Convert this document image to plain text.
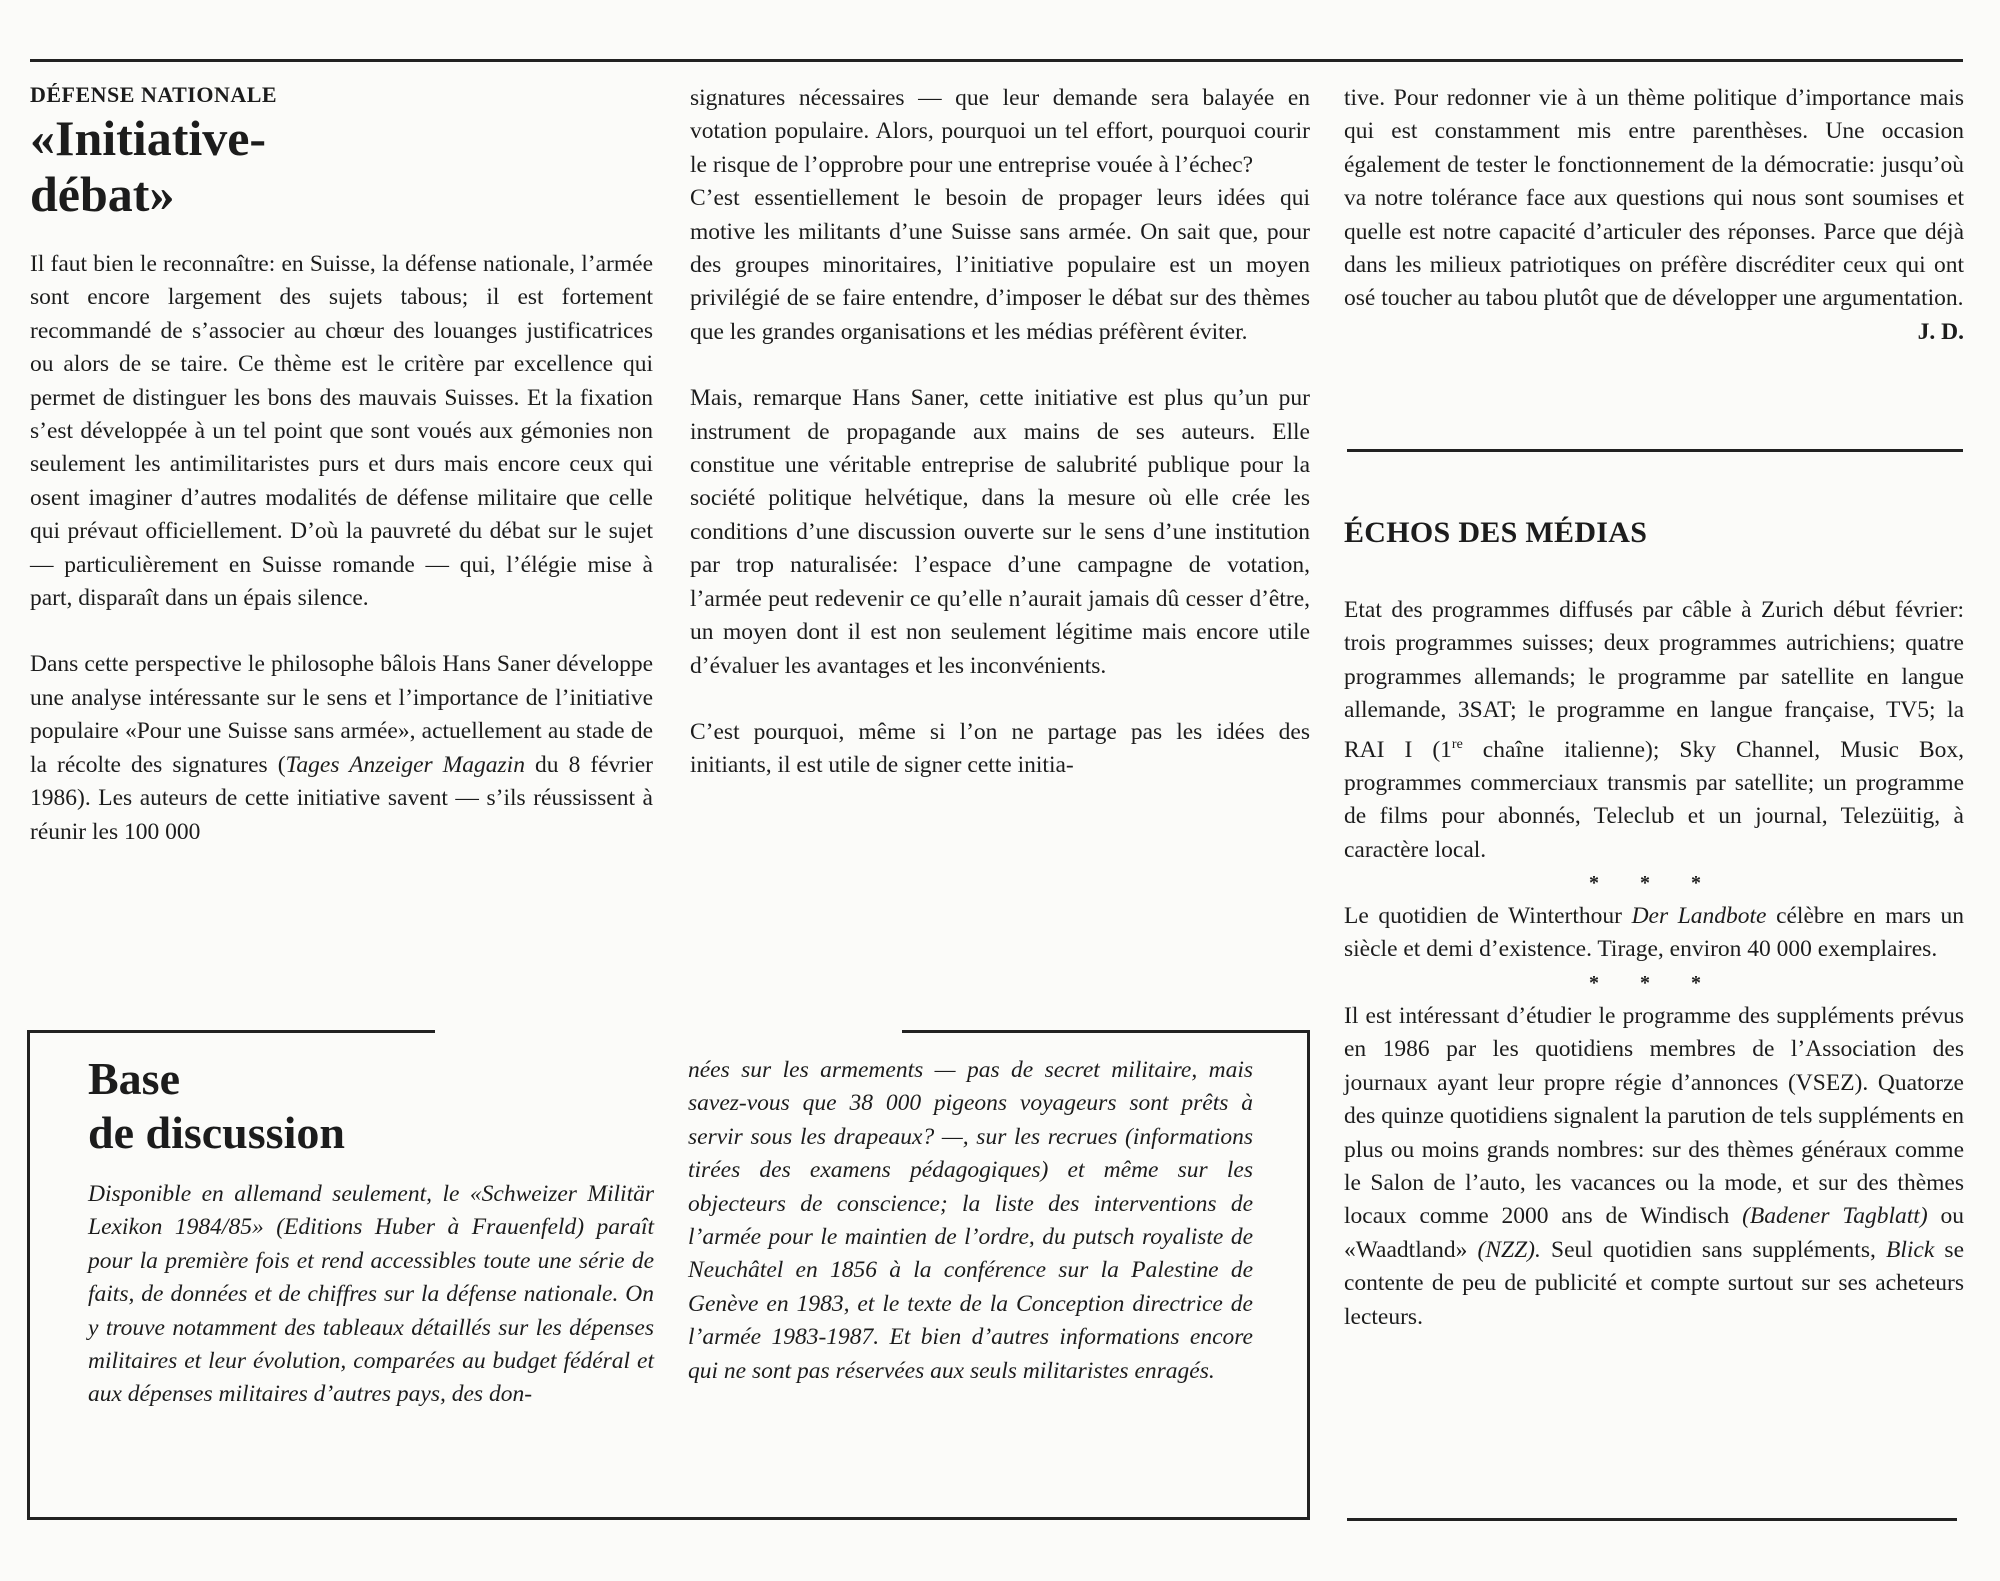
DÉFENSE NATIONALE
«Initiative-
débat»

Il faut bien le reconnaître: en Suisse, la défense nationale, l’armée sont encore largement des sujets tabous; il est fortement recommandé de s’associer au chœur des louanges justificatrices ou alors de se taire. Ce thème est le critère par excellence qui permet de distinguer les bons des mauvais Suisses. Et la fixation s’est développée à un tel point que sont voués aux gémonies non seulement les antimilitaristes purs et durs mais encore ceux qui osent imaginer d’autres modalités de défense militaire que celle qui prévaut officiellement. D’où la pauvreté du débat sur le sujet — particulièrement en Suisse romande — qui, l’élégie mise à part, disparaît dans un épais silence.

Dans cette perspective le philosophe bâlois Hans Saner développe une analyse intéressante sur le sens et l’importance de l’initiative populaire «Pour une Suisse sans armée», actuellement au stade de la récolte des signatures (Tages Anzeiger Magazin du 8 février 1986). Les auteurs de cette initiative savent — s’ils réussissent à réunir les 100 000

signatures nécessaires — que leur demande sera balayée en votation populaire. Alors, pourquoi un tel effort, pourquoi courir le risque de l’opprobre pour une entreprise vouée à l’échec?

C’est essentiellement le besoin de propager leurs idées qui motive les militants d’une Suisse sans armée. On sait que, pour des groupes minoritaires, l’initiative populaire est un moyen privilégié de se faire entendre, d’imposer le débat sur des thèmes que les grandes organisations et les médias préfèrent éviter.

Mais, remarque Hans Saner, cette initiative est plus qu’un pur instrument de propagande aux mains de ses auteurs. Elle constitue une véritable entreprise de salubrité publique pour la société politique helvétique, dans la mesure où elle crée les conditions d’une discussion ouverte sur le sens d’une institution par trop naturalisée: l’espace d’une campagne de votation, l’armée peut redevenir ce qu’elle n’aurait jamais dû cesser d’être, un moyen dont il est non seulement légitime mais encore utile d’évaluer les avantages et les inconvénients.

C’est pourquoi, même si l’on ne partage pas les idées des initiants, il est utile de signer cette initia-

tive. Pour redonner vie à un thème politique d’importance mais qui est constamment mis entre parenthèses. Une occasion également de tester le fonctionnement de la démocratie: jusqu’où va notre tolérance face aux questions qui nous sont soumises et quelle est notre capacité d’articuler des réponses. Parce que déjà dans les milieux patriotiques on préfère discréditer ceux qui ont osé toucher au tabou plutôt que de développer une argumentation.
J. D.

ÉCHOS DES MÉDIAS

Etat des programmes diffusés par câble à Zurich début février: trois programmes suisses; deux programmes autrichiens; quatre programmes allemands; le programme par satellite en langue allemande, 3SAT; le programme en langue française, TV5; la RAI I (1re chaîne italienne); Sky Channel, Music Box, programmes commerciaux transmis par satellite; un programme de films pour abonnés, Teleclub et un journal, Telezüitig, à caractère local.

* * *

Le quotidien de Winterthour Der Landbote célèbre en mars un siècle et demi d’existence. Tirage, environ 40 000 exemplaires.

* * *

Il est intéressant d’étudier le programme des suppléments prévus en 1986 par les quotidiens membres de l’Association des journaux ayant leur propre régie d’annonces (VSEZ). Quatorze des quinze quotidiens signalent la parution de tels suppléments en plus ou moins grands nombres: sur des thèmes généraux comme le Salon de l’auto, les vacances ou la mode, et sur des thèmes locaux comme 2000 ans de Windisch (Badener Tagblatt) ou «Waadtland» (NZZ). Seul quotidien sans suppléments, Blick se contente de peu de publicité et compte surtout sur ses acheteurs lecteurs.

Base
de discussion
Disponible en allemand seulement, le «Schweizer Militär Lexikon 1984/85» (Editions Huber à Frauenfeld) paraît pour la première fois et rend accessibles toute une série de faits, de données et de chiffres sur la défense nationale. On y trouve notamment des tableaux détaillés sur les dépenses militaires et leur évolution, comparées au budget fédéral et aux dépenses militaires d’autres pays, des don-
nées sur les armements — pas de secret militaire, mais savez-vous que 38 000 pigeons voyageurs sont prêts à servir sous les drapeaux? —, sur les recrues (informations tirées des examens pédagogiques) et même sur les objecteurs de conscience; la liste des interventions de l’armée pour le maintien de l’ordre, du putsch royaliste de Neuchâtel en 1856 à la conférence sur la Palestine de Genève en 1983, et le texte de la Conception directrice de l’armée 1983-1987. Et bien d’autres informations encore qui ne sont pas réservées aux seuls militaristes enragés.
